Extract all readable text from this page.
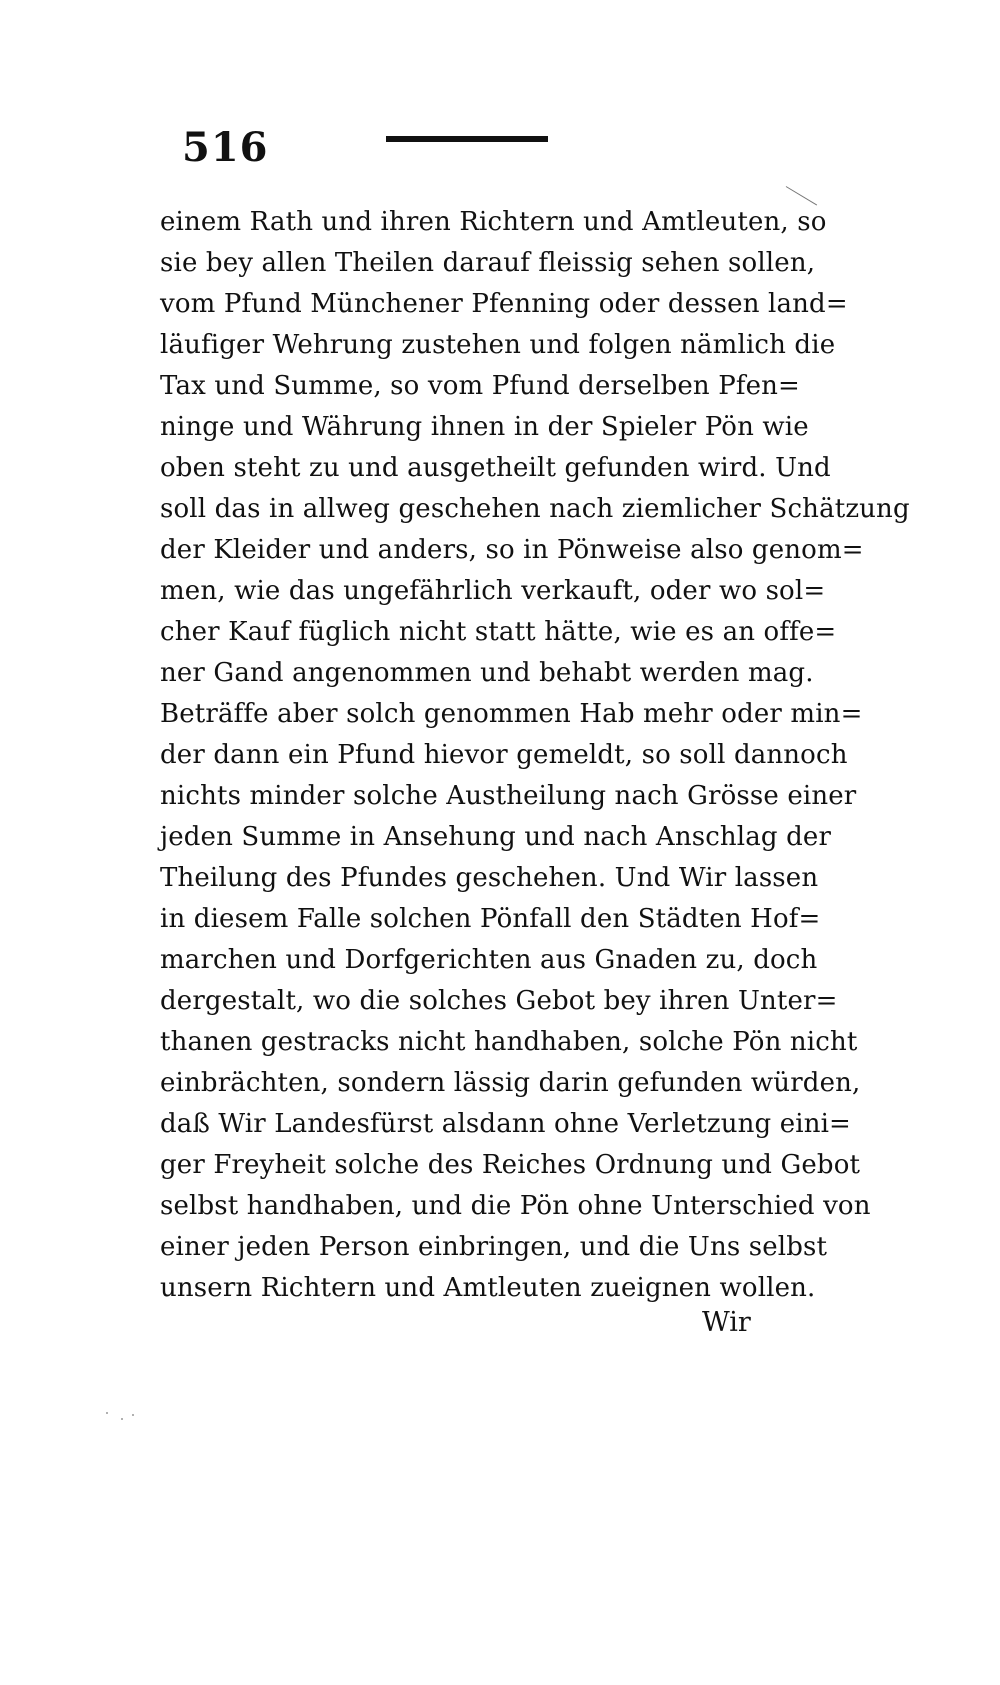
516
einem Rath und ihren Richtern und Amtleuten, so
sie bey allen Theilen darauf fleissig sehen sollen,
vom Pfund Münchener Pfenning oder dessen land=
läufiger Wehrung zustehen und folgen nämlich die
Tax und Summe, so vom Pfund derselben Pfen=
ninge und Währung ihnen in der Spieler Pön wie
oben steht zu und ausgetheilt gefunden wird. Und
soll das in allweg geschehen nach ziemlicher Schätzung
der Kleider und anders, so in Pönweise also genom=
men, wie das ungefährlich verkauft, oder wo sol=
cher Kauf füglich nicht statt hätte, wie es an offe=
ner Gand angenommen und behabt werden mag.
Beträffe aber solch genommen Hab mehr oder min=
der dann ein Pfund hievor gemeldt, so soll dannoch
nichts minder solche Austheilung nach Grösse einer
jeden Summe in Ansehung und nach Anschlag der
Theilung des Pfundes geschehen. Und Wir lassen
in diesem Falle solchen Pönfall den Städten Hof=
marchen und Dorfgerichten aus Gnaden zu, doch
dergestalt, wo die solches Gebot bey ihren Unter=
thanen gestracks nicht handhaben, solche Pön nicht
einbrächten, sondern lässig darin gefunden würden,
daß Wir Landesfürst alsdann ohne Verletzung eini=
ger Freyheit solche des Reiches Ordnung und Gebot
selbst handhaben, und die Pön ohne Unterschied von
einer jeden Person einbringen, und die Uns selbst
unsern Richtern und Amtleuten zueignen wollen.
Wir
